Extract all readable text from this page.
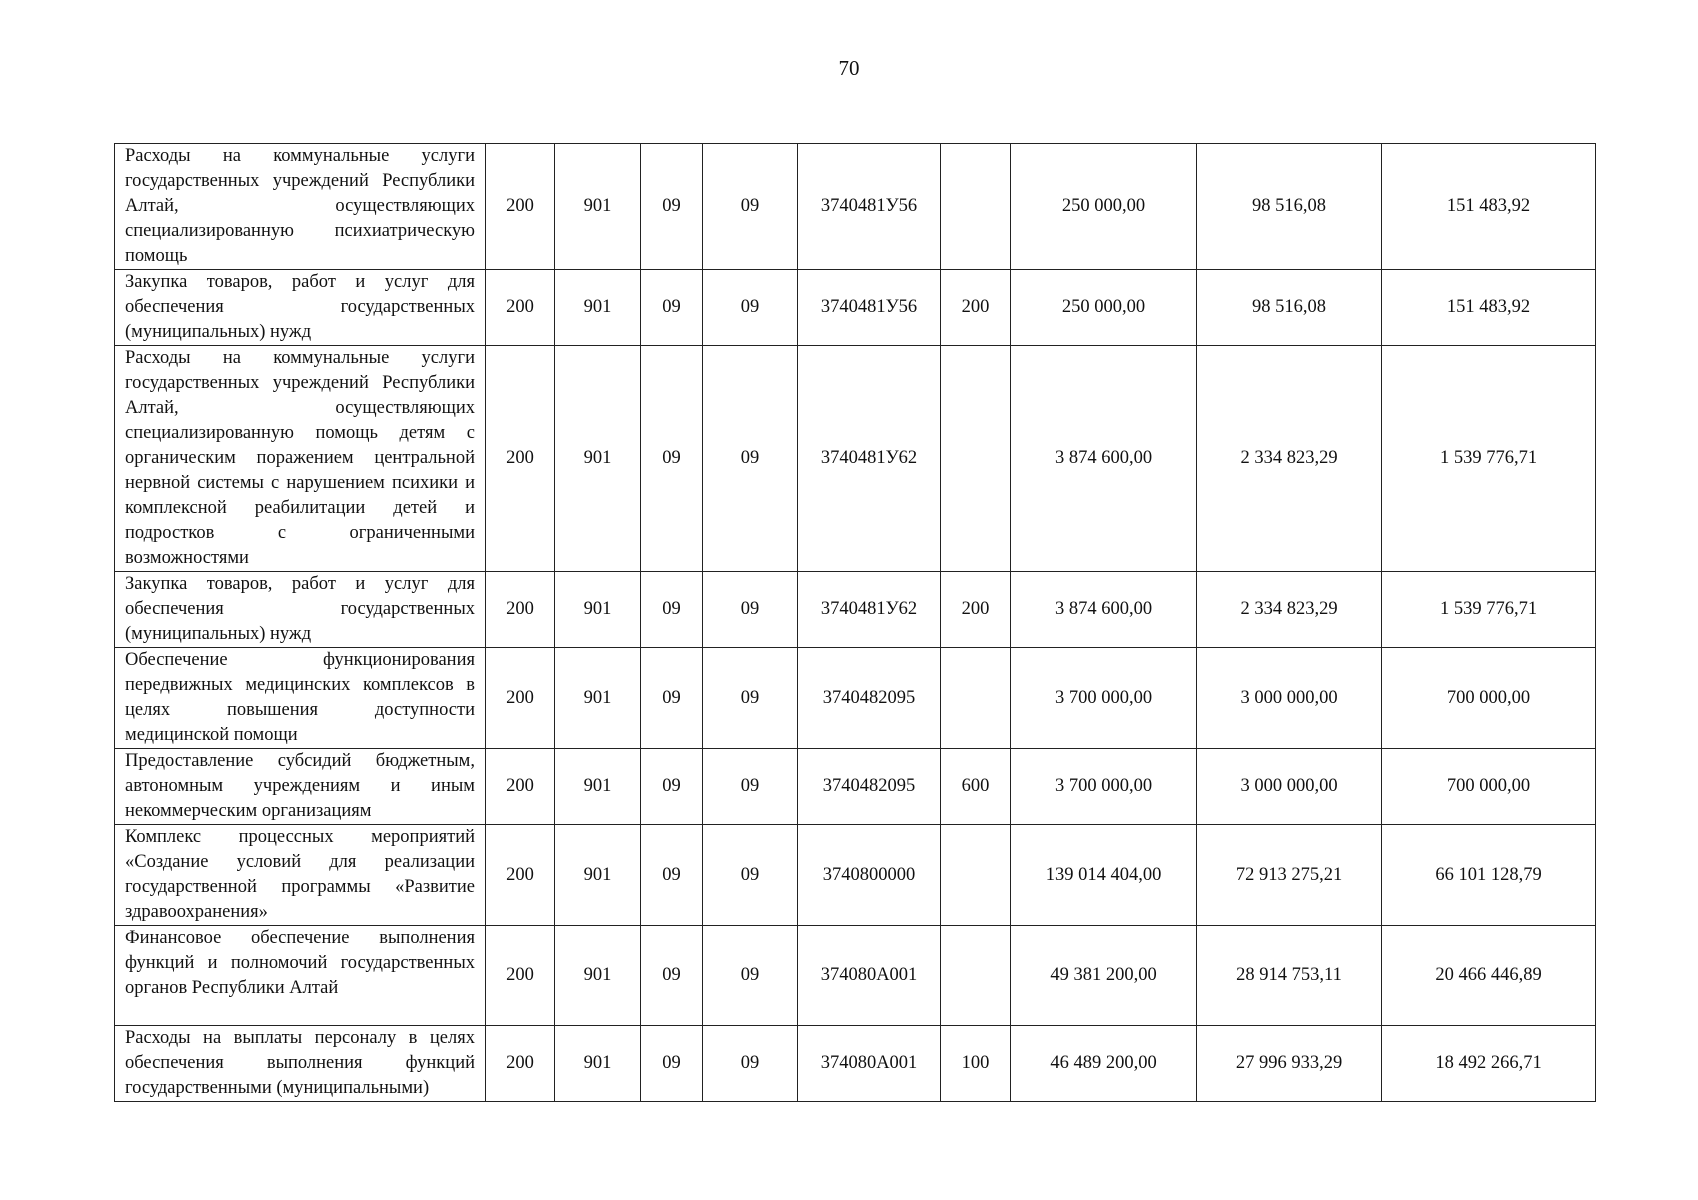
70
Расходы на коммунальные услуги государственных учреждений Республики Алтай, осуществляющих специализированную психиатрическую помощь	200	901	09	09	3740481У56		250 000,00	98 516,08	151 483,92

Закупка товаров, работ и услуг для обеспечения государственных (муниципальных) нужд	200	901	09	09	3740481У56	200	250 000,00	98 516,08	151 483,92

Расходы на коммунальные услуги государственных учреждений Республики Алтай, осуществляющих специализированную помощь детям с органическим поражением центральной нервной системы с нарушением психики и комплексной реабилитации детей и подростков с ограниченными возможностями	200	901	09	09	3740481У62		3 874 600,00	2 334 823,29	1 539 776,71

Закупка товаров, работ и услуг для обеспечения государственных (муниципальных) нужд	200	901	09	09	3740481У62	200	3 874 600,00	2 334 823,29	1 539 776,71

Обеспечение функционирования передвижных медицинских комплексов в целях повышения доступности медицинской помощи	200	901	09	09	3740482095		3 700 000,00	3 000 000,00	700 000,00

Предоставление субсидий бюджетным, автономным учреждениям и иным некоммерческим организациям	200	901	09	09	3740482095	600	3 700 000,00	3 000 000,00	700 000,00

Комплекс процессных мероприятий «Создание условий для реализации государственной программы «Развитие здравоохранения»	200	901	09	09	3740800000		139 014 404,00	72 913 275,21	66 101 128,79

Финансовое обеспечение выполнения функций и полномочий государственных органов Республики Алтай	200	901	09	09	374080А001		49 381 200,00	28 914 753,11	20 466 446,89

Расходы на выплаты персоналу в целях обеспечения выполнения функций государственными (муниципальными)	200	901	09	09	374080А001	100	46 489 200,00	27 996 933,29	18 492 266,71
